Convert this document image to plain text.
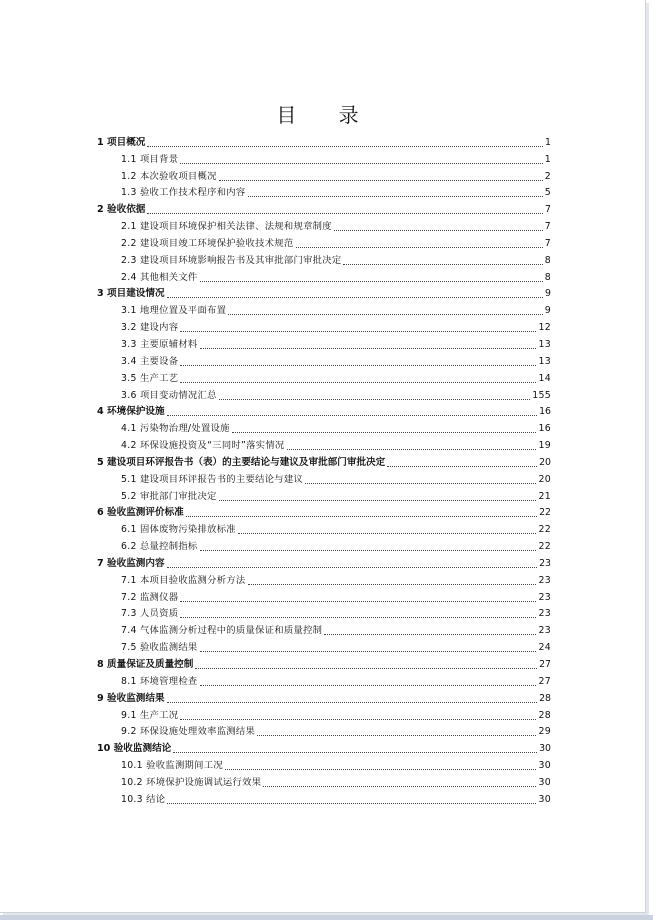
目 录
1 项目概况	1
1.1 项目背景	1
1.2 本次验收项目概况	2
1.3 验收工作技术程序和内容	5
2 验收依据	7
2.1 建设项目环境保护相关法律、法规和规章制度	7
2.2 建设项目竣工环境保护验收技术规范	7
2.3 建设项目环境影响报告书及其审批部门审批决定	8
2.4 其他相关文件	8
3 项目建设情况	9
3.1 地理位置及平面布置	9
3.2 建设内容	12
3.3 主要原辅材料	13
3.4 主要设备	13
3.5 生产工艺	14
3.6 项目变动情况汇总	155
4 环境保护设施	16
4.1 污染物治理/处置设施	16
4.2 环保设施投资及“三同时”落实情况	19
5 建设项目环评报告书（表）的主要结论与建议及审批部门审批决定	20
5.1 建设项目环评报告书的主要结论与建议	20
5.2 审批部门审批决定	21
6 验收监测评价标准	22
6.1 固体废物污染排放标准	22
6.2 总量控制指标	22
7 验收监测内容	23
7.1 本项目验收监测分析方法	23
7.2 监测仪器	23
7.3 人员资质	23
7.4 气体监测分析过程中的质量保证和质量控制	23
7.5 验收监测结果	24
8 质量保证及质量控制	27
8.1 环境管理检查	27
9 验收监测结果	28
9.1 生产工况	28
9.2 环保设施处理效率监测结果	29
10 验收监测结论	30
10.1 验收监测期间工况	30
10.2 环境保护设施调试运行效果	30
10.3 结论	30
